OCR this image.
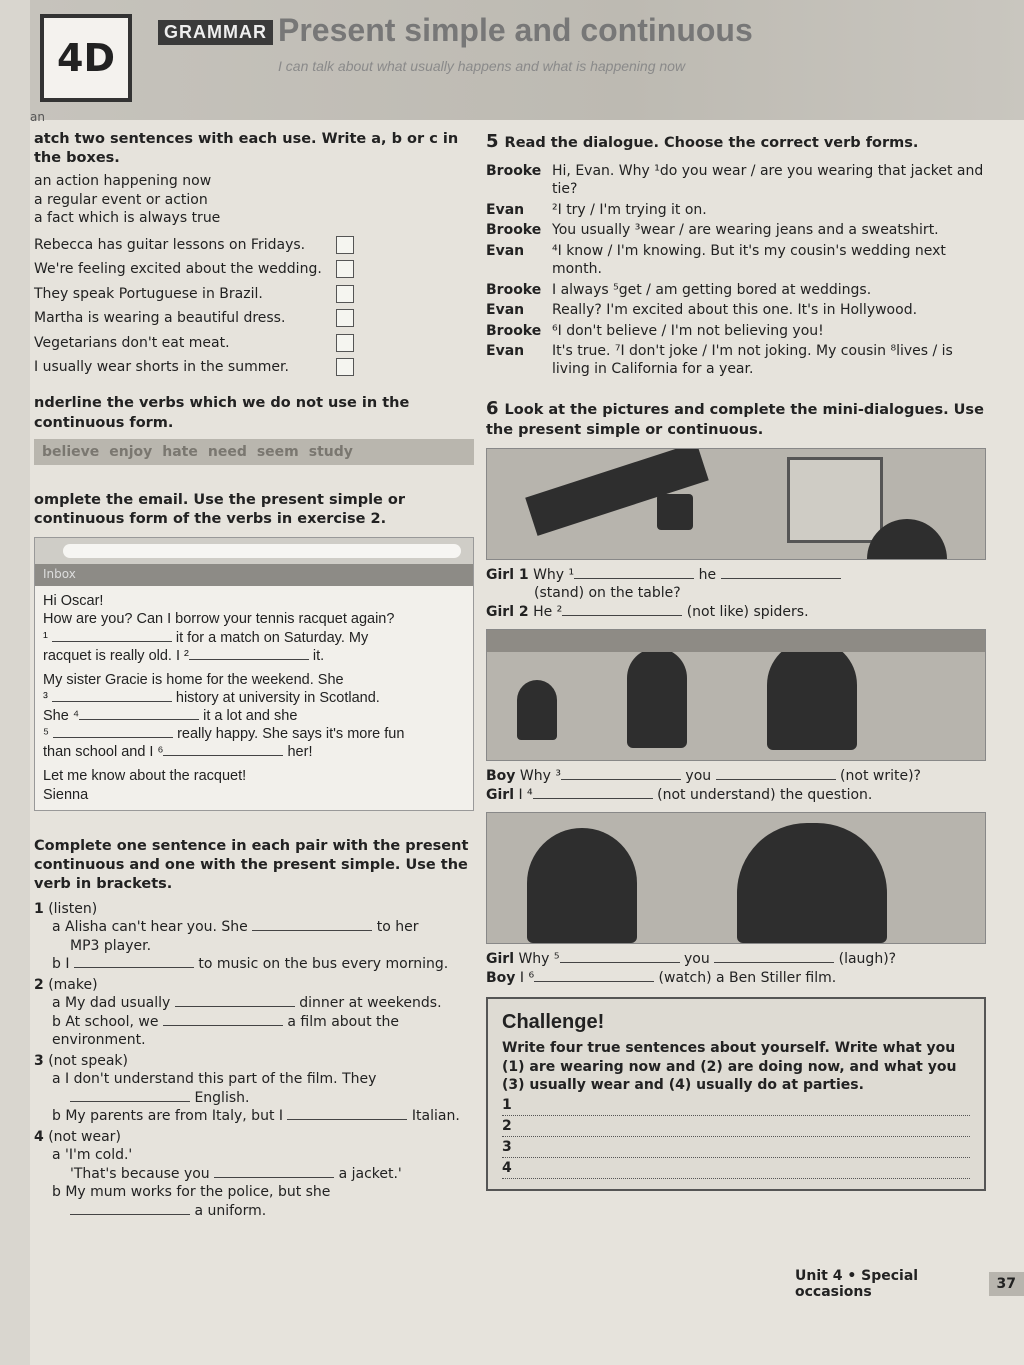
4D
GRAMMAR Present simple and continuous
I can talk about what usually happens and what is happening now
an
atch two sentences with each use. Write a, b or c in the boxes.
an action happening now
a regular event or action
a fact which is always true
Rebecca has guitar lessons on Fridays.
We're feeling excited about the wedding.
They speak Portuguese in Brazil.
Martha is wearing a beautiful dress.
Vegetarians don't eat meat.
I usually wear shorts in the summer.
nderline the verbs which we do not use in the continuous form.
believe enjoy hate need seem study
omplete the email. Use the present simple or continuous form of the verbs in exercise 2.
Inbox
Hi Oscar!
How are you? Can I borrow your tennis racquet again?
¹	it for a match on Saturday. My
racquet is really old. I ²	it.
My sister Gracie is home for the weekend. She
³	history at university in Scotland.
She ⁴	it a lot and she
⁵	really happy. She says it's more fun
than school and I ⁶	her!
Let me know about the racquet!
Sienna
Complete one sentence in each pair with the present continuous and one with the present simple. Use the verb in brackets.
1 (listen)
a Alisha can't hear you. She	to her
MP3 player.
b I	to music on the bus every morning.
2 (make)
a My dad usually	dinner at weekends.
b At school, we	a film about the environment.
3 (not speak)
a I don't understand this part of the film. They
English.
b My parents are from Italy, but I	Italian.
4 (not wear)
a 'I'm cold.'
'That's because you	a jacket.'
b My mum works for the police, but she
a uniform.
5 Read the dialogue. Choose the correct verb forms.
Brooke Hi, Evan. Why ¹do you wear / are you wearing that jacket and tie?
Evan	²I try / I'm trying it on.
Brooke You usually ³wear / are wearing jeans and a sweatshirt.
Evan	⁴I know / I'm knowing. But it's my cousin's wedding next month.
Brooke I always ⁵get / am getting bored at weddings.
Evan	Really? I'm excited about this one. It's in Hollywood.
Brooke ⁶I don't believe / I'm not believing you!
Evan	It's true. ⁷I don't joke / I'm not joking. My cousin ⁸lives / is living in California for a year.
6 Look at the pictures and complete the mini-dialogues. Use the present simple or continuous.
Girl 1 Why ¹	he
(stand) on the table?
Girl 2 He ²	(not like) spiders.
Boy Why ³	you	(not write)?
Girl I ⁴	(not understand) the question.
Girl Why ⁵	you	(laugh)?
Boy I ⁶	(watch) a Ben Stiller film.
Challenge!
Write four true sentences about yourself. Write what you (1) are wearing now and (2) are doing now, and what you (3) usually wear and (4) usually do at parties.
1
2
3
4
Unit 4 • Special occasions	37
